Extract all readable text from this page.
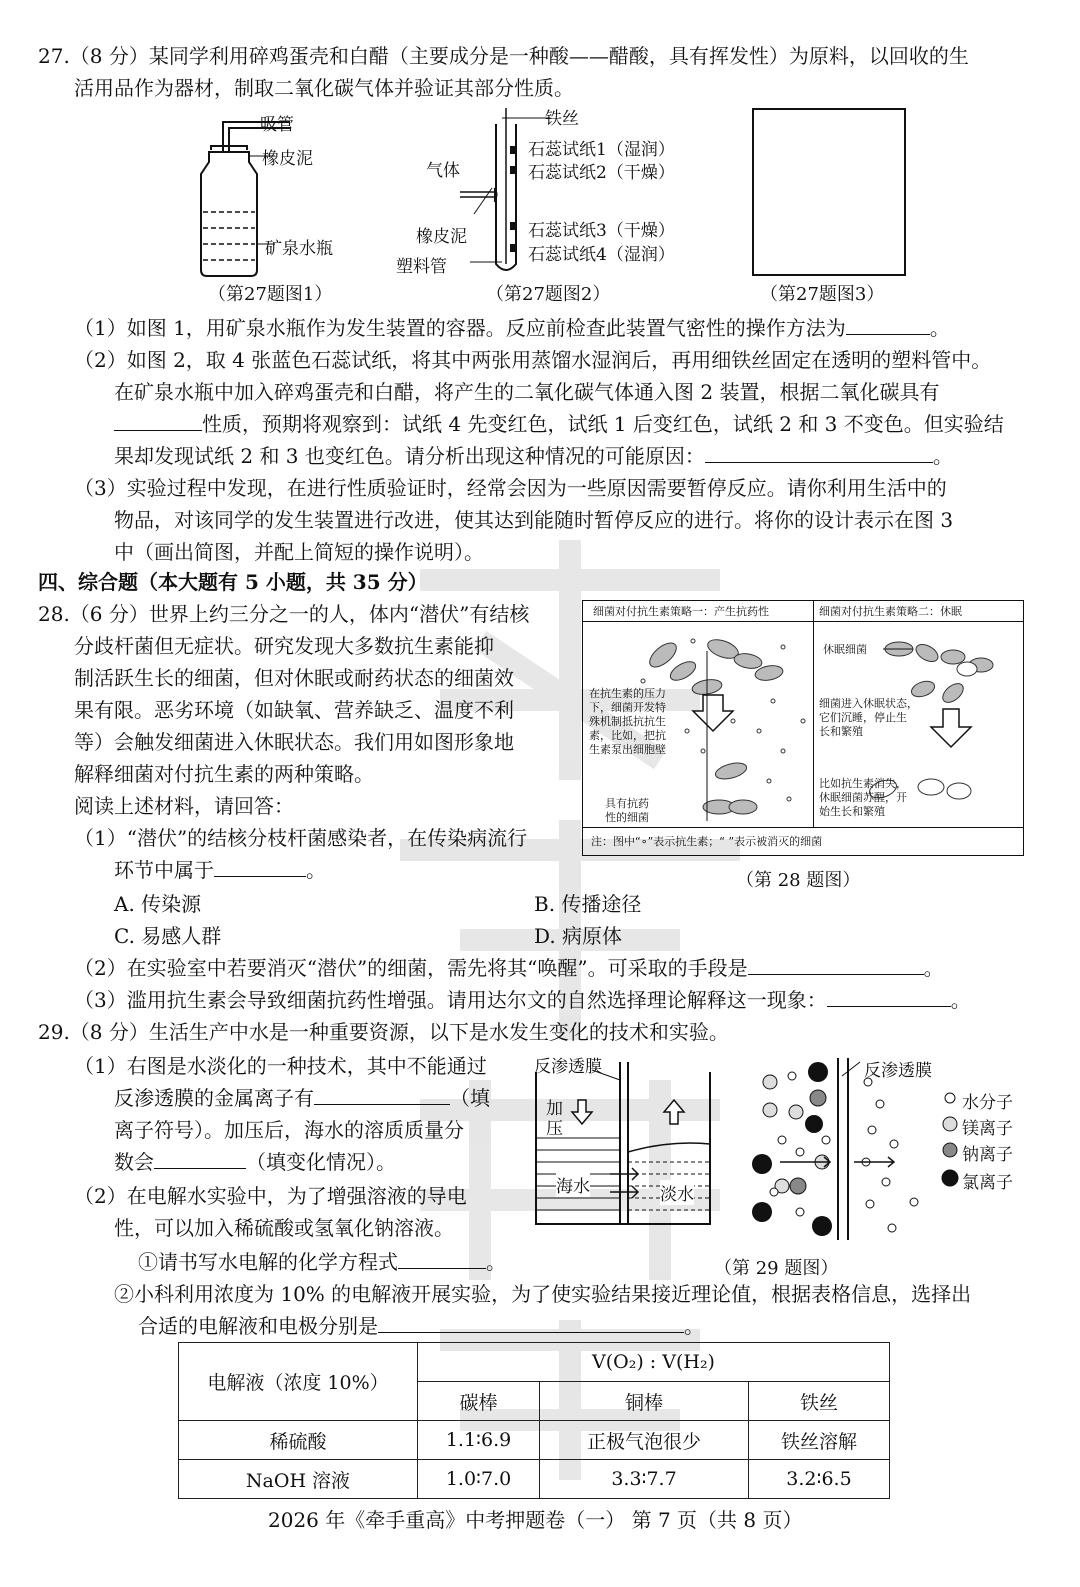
27.（8 分）某同学利用碎鸡蛋壳和白醋（主要成分是一种酸——醋酸，具有挥发性）为原料，以回收的生
活用品作为器材，制取二氧化碳气体并验证其部分性质。
吸管
橡皮泥
矿泉水瓶
（第27题图1）
铁丝
石蕊试纸1（湿润）
石蕊试纸2（干燥）
气体
橡皮泥	石蕊试纸3（干燥）
石蕊试纸4（湿润）
塑料管
（第27题图2）	（第27题图3）
（1）如图 1，用矿泉水瓶作为发生装置的容器。反应前检查此装置气密性的操作方法为	。
（2）如图 2，取 4 张蓝色石蕊试纸，将其中两张用蒸馏水湿润后，再用细铁丝固定在透明的塑料管中。
在矿泉水瓶中加入碎鸡蛋壳和白醋，将产生的二氧化碳气体通入图 2 装置，根据二氧化碳具有
性质，预期将观察到：试纸 4 先变红色，试纸 1 后变红色，试纸 2 和 3 不变色。但实验结
果却发现试纸 2 和 3 也变红色。请分析出现这种情况的可能原因：	。
（3）实验过程中发现，在进行性质验证时，经常会因为一些原因需要暂停反应。请你利用生活中的
物品，对该同学的发生装置进行改进，使其达到能随时暂停反应的进行。将你的设计表示在图 3
中（画出简图，并配上简短的操作说明）。
四、综合题（本大题有 5 小题，共 35 分）
28.（6 分）世界上约三分之一的人，体内“潜伏”有结核
分歧杆菌但无症状。研究发现大多数抗生素能抑
制活跃生长的细菌，但对休眠或耐药状态的细菌效
果有限。恶劣环境（如缺氧、营养缺乏、温度不利
等）会触发细菌进入休眠状态。我们用如图形象地
解释细菌对付抗生素的两种策略。
阅读上述材料，请回答：
（1）“潜伏”的结核分枝杆菌感染者，在传染病流行
环节中属于	。
A. 传染源	B. 传播途径
C. 易感人群	D. 病原体
（2）在实验室中若要消灭“潜伏”的细菌，需先将其“唤醒”。可采取的手段是	。
（3）滥用抗生素会导致细菌抗药性增强。请用达尔文的自然选择理论解释这一现象：	。
细菌对付抗生素策略一：产生抗药性	细菌对付抗生素策略二：休眠
在抗生素的压力
下，细菌开发特
殊机制抵抗抗生
素，比如，把抗
生素泵出细胞壁
具有抗药
性的细菌
休眠细菌
细菌进入休眠状态，
它们沉睡，停止生
长和繁殖
比如抗生素消失，
休眠细菌苏醒，开
始生长和繁殖
注：图中“∘”表示抗生素；“ ”表示被消灭的细菌
（第 28 题图）
29.（8 分）生活生产中水是一种重要资源，以下是水发生变化的技术和实验。
（1）右图是水淡化的一种技术，其中不能通过
反渗透膜的金属离子有	（填
离子符号）。加压后，海水的溶质质量分
数会	（填变化情况）。
（2）在电解水实验中，为了增强溶液的导电
性，可以加入稀硫酸或氢氧化钠溶液。
①请书写水电解的化学方程式	。
②小科利用浓度为 10% 的电解液开展实验，为了使实验结果接近理论值，根据表格信息，选择出
合适的电解液和电极分别是	。
反渗透膜
加
压
海水	淡水
反渗透膜
水分子
镁离子
钠离子
氯离子
（第 29 题图）
电解液（浓度 10%）	V(O₂) : V(H₂)		
	碳棒	铜棒	铁丝
稀硫酸	1.1∶6.9	正极气泡很少	铁丝溶解
NaOH 溶液	1.0∶7.0	3.3∶7.7	3.2∶6.5
2026 年《牵手重高》中考押题卷（一） 第 7 页（共 8 页）
